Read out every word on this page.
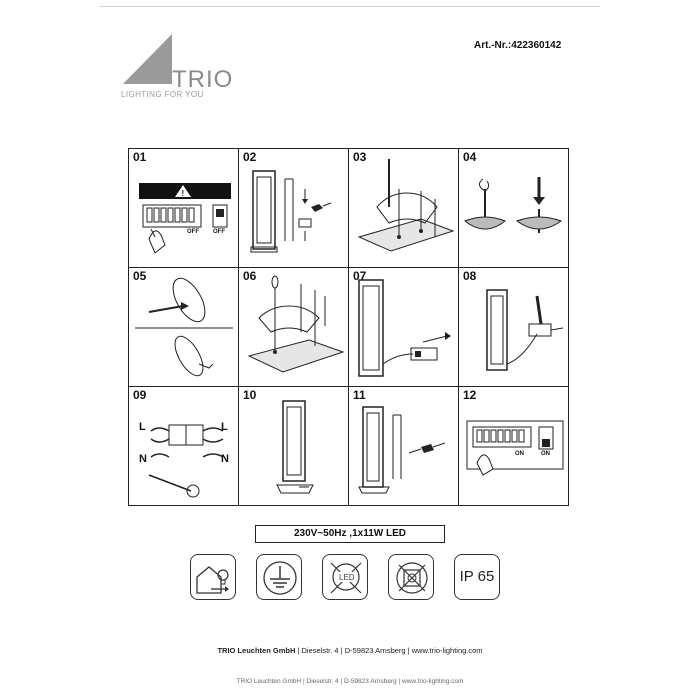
TRIO
LIGHTING FOR YOU
Art.-Nr.:422360142
01
!
OFF OFF
02	03	04
05	06	07	08
09
L	L
N	N
10	11	12
ON	ON
230V~50Hz ,1x11W LED
LED	IP 65
TRIO Leuchten GmbH | Dieselstr. 4 | D-59823 Arnsberg | www.trio-lighting.com
TRIO Leuchten GmbH | Dieselstr. 4 | D-59823 Arnsberg | www.trio-lighting.com
